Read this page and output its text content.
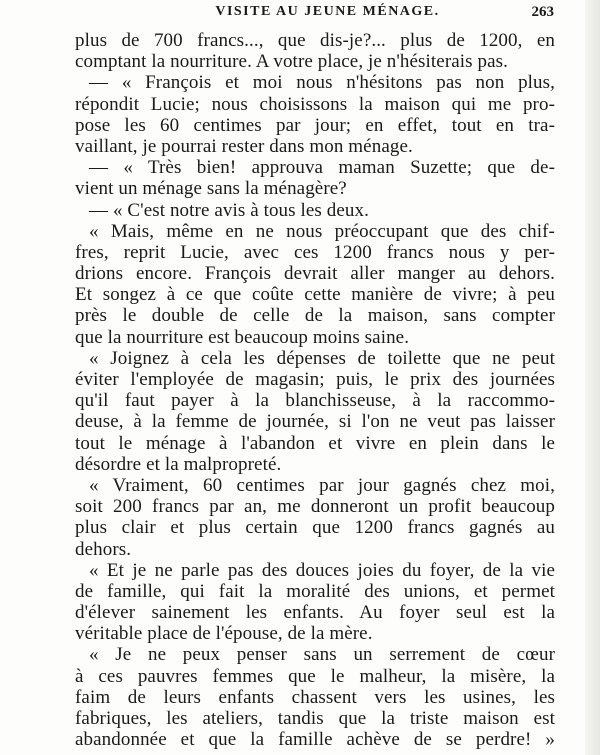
VISITE AU JEUNE MÉNAGE.	263
plus de 700 francs..., que dis-je?... plus de 1200, en
comptant la nourriture. A votre place, je n'hésiterais pas.
— « François et moi nous n'hésitons pas non plus,
répondit Lucie; nous choisissons la maison qui me pro-
pose les 60 centimes par jour; en effet, tout en tra-
vaillant, je pourrai rester dans mon ménage.
— « Très bien! approuva maman Suzette; que de-
vient un ménage sans la ménagère?
— « C'est notre avis à tous les deux.
« Mais, même en ne nous préoccupant que des chif-
fres, reprit Lucie, avec ces 1200 francs nous y per-
drions encore. François devrait aller manger au dehors.
Et songez à ce que coûte cette manière de vivre; à peu
près le double de celle de la maison, sans compter
que la nourriture est beaucoup moins saine.
« Joignez à cela les dépenses de toilette que ne peut
éviter l'employée de magasin; puis, le prix des journées
qu'il faut payer à la blanchisseuse, à la raccommo-
deuse, à la femme de journée, si l'on ne veut pas laisser
tout le ménage à l'abandon et vivre en plein dans le
désordre et la malpropreté.
« Vraiment, 60 centimes par jour gagnés chez moi,
soit 200 francs par an, me donneront un profit beaucoup
plus clair et plus certain que 1200 francs gagnés au
dehors.
« Et je ne parle pas des douces joies du foyer, de la vie
de famille, qui fait la moralité des unions, et permet
d'élever sainement les enfants. Au foyer seul est la
véritable place de l'épouse, de la mère.
« Je ne peux penser sans un serrement de cœur
à ces pauvres femmes que le malheur, la misère, la
faim de leurs enfants chassent vers les usines, les
fabriques, les ateliers, tandis que la triste maison est
abandonnée et que la famille achève de se perdre! »
